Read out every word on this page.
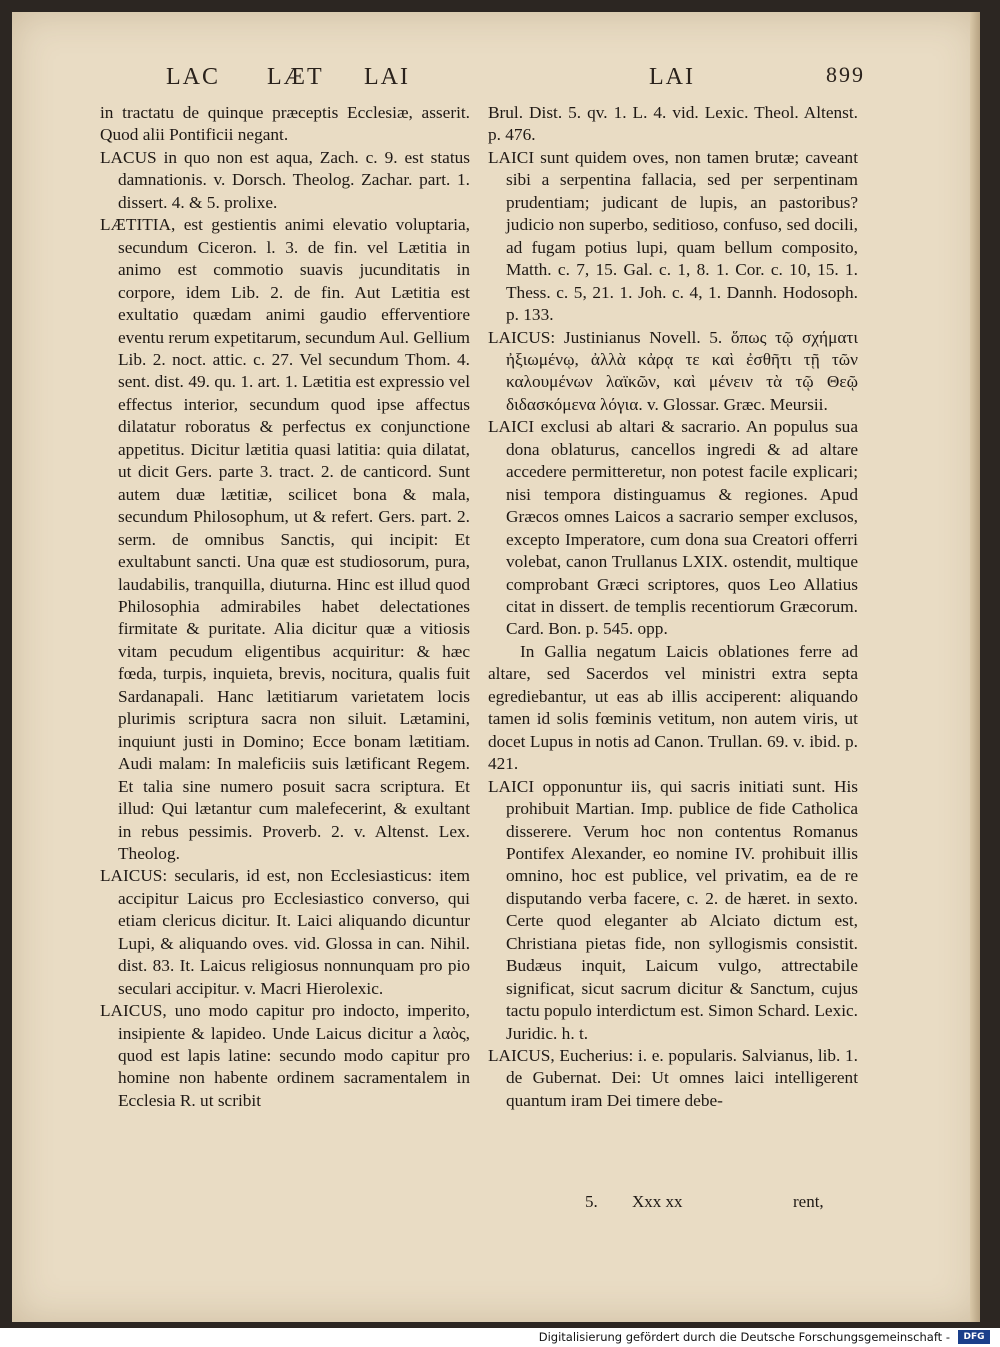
LAC LÆT LAI	LAI	899

in tractatu de quinque præceptis Ecclesiæ, asserit. Quod alii Pontificii negant.

LACUS in quo non est aqua, Zach. c. 9. est status damnationis. v. Dorsch. Theolog. Zachar. part. 1. dissert. 4. & 5. prolixe.

LÆTITIA, est gestientis animi elevatio voluptaria, secundum Ciceron. l. 3. de fin. vel Lætitia in animo est commotio suavis jucunditatis in corpore, idem Lib. 2. de fin. Aut Lætitia est exultatio quædam animi gaudio efferventiore eventu rerum expetitarum, secundum Aul. Gellium Lib. 2. noct. attic. c. 27. Vel secundum Thom. 4. sent. dist. 49. qu. 1. art. 1. Lætitia est expressio vel effectus interior, secundum quod ipse affectus dilatatur roboratus & perfectus ex conjunctione appetitus. Dicitur lætitia quasi latitia: quia dilatat, ut dicit Gers. parte 3. tract. 2. de canticord. Sunt autem duæ lætitiæ, scilicet bona & mala, secundum Philosophum, ut & refert. Gers. part. 2. serm. de omnibus Sanctis, qui incipit: Et exultabunt sancti. Una quæ est studiosorum, pura, laudabilis, tranquilla, diuturna. Hinc est illud quod Philosophia admirabiles habet delectationes firmitate & puritate. Alia dicitur quæ a vitiosis vitam pecudum eligentibus acquiritur: & hæc fœda, turpis, inquieta, brevis, nocitura, qualis fuit Sardanapali. Hanc lætitiarum varietatem locis plurimis scriptura sacra non siluit. Lætamini, inquiunt justi in Domino; Ecce bonam lætitiam. Audi malam: In maleficiis suis lætificant Regem. Et talia sine numero posuit sacra scriptura. Et illud: Qui lætantur cum malefecerint, & exultant in rebus pessimis. Proverb. 2. v. Altenst. Lex. Theolog.

LAICUS: secularis, id est, non Ecclesiasticus: item accipitur Laicus pro Ecclesiastico converso, qui etiam clericus dicitur. It. Laici aliquando dicuntur Lupi, & aliquando oves. vid. Glossa in can. Nihil. dist. 83. It. Laicus religiosus nonnunquam pro pio seculari accipitur. v. Macri Hierolexic.

LAICUS, uno modo capitur pro indocto, imperito, insipiente & lapideo. Unde Laicus dicitur a λαὸς, quod est lapis latine: secundo modo capitur pro homine non habente ordinem sacramentalem in Ecclesia R. ut scribit

Brul. Dist. 5. qv. 1. L. 4. vid. Lexic. Theol. Altenst. p. 476.

LAICI sunt quidem oves, non tamen brutæ; caveant sibi a serpentina fallacia, sed per serpentinam prudentiam; judicant de lupis, an pastoribus? judicio non superbo, seditioso, confuso, sed docili, ad fugam potius lupi, quam bellum composito, Matth. c. 7, 15. Gal. c. 1, 8. 1. Cor. c. 10, 15. 1. Thess. c. 5, 21. 1. Joh. c. 4, 1. Dannh. Hodosoph. p. 133.

LAICUS: Justinianus Novell. 5. ὅπως τῷ σχήματι ἠξιωμένῳ, ἀλλὰ κἀρᾳ τε καὶ ἐσθῆτι τῇ τῶν καλουμένων λαϊκῶν, καὶ μένειν τὰ τῷ Θεῷ διδασκόμενα λόγια. v. Glossar. Græc. Meursii.

LAICI exclusi ab altari & sacrario. An populus sua dona oblaturus, cancellos ingredi & ad altare accedere permitteretur, non potest facile explicari; nisi tempora distinguamus & regiones. Apud Græcos omnes Laicos a sacrario semper exclusos, excepto Imperatore, cum dona sua Creatori offerri volebat, canon Trullanus LXIX. ostendit, multique comprobant Græci scriptores, quos Leo Allatius citat in dissert. de templis recentiorum Græcorum. Card. Bon. p. 545. opp.

In Gallia negatum Laicis oblationes ferre ad altare, sed Sacerdos vel ministri extra septa egrediebantur, ut eas ab illis acciperent: aliquando tamen id solis fœminis vetitum, non autem viris, ut docet Lupus in notis ad Canon. Trullan. 69. v. ibid. p. 421.

LAICI opponuntur iis, qui sacris initiati sunt. His prohibuit Martian. Imp. publice de fide Catholica disserere. Verum hoc non contentus Romanus Pontifex Alexander, eo nomine IV. prohibuit illis omnino, hoc est publice, vel privatim, ea de re disputando verba facere, c. 2. de hæret. in sexto. Certe quod eleganter ab Alciato dictum est, Christiana pietas fide, non syllogismis consistit. Budæus inquit, Laicum vulgo, attrectabile significat, sicut sacrum dicitur & Sanctum, cujus tactu populo interdictum est. Simon Schard. Lexic. Juridic. h. t.

LAICUS, Eucherius: i. e. popularis. Salvianus, lib. 1. de Gubernat. Dei: Ut omnes laici intelligerent quantum iram Dei timere debe-

5. Xxx xx	rent,
Digitalisierung gefördert durch die Deutsche Forschungsgemeinschaft -	DFG
